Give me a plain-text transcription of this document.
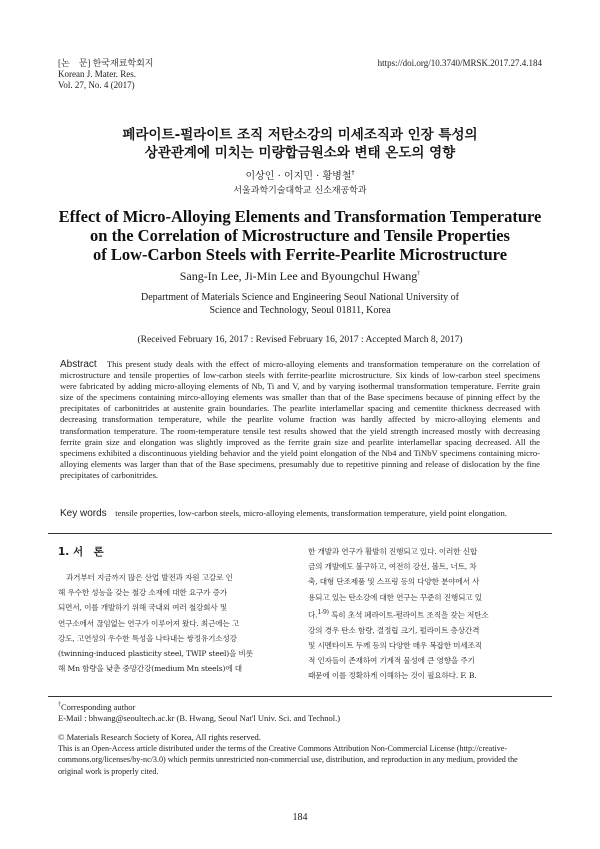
[논　문] 한국재료학회지
Korean J. Mater. Res.
Vol. 27, No. 4 (2017)
https://doi.org/10.3740/MRSK.2017.27.4.184
페라이트-펄라이트 조직 저탄소강의 미세조직과 인장 특성의
상관관계에 미치는 미량합금원소와 변태 온도의 영향
이상인 · 이지민 · 황병철†
서울과학기술대학교 신소재공학과
Effect of Micro-Alloying Elements and Transformation Temperature
on the Correlation of Microstructure and Tensile Properties
of Low-Carbon Steels with Ferrite-Pearlite Microstructure
Sang-In Lee, Ji-Min Lee and Byoungchul Hwang†
Department of Materials Science and Engineering Seoul National University of
Science and Technology, Seoul 01811, Korea
(Received February 16, 2017 : Revised February 16, 2017 : Accepted March 8, 2017)
Abstract This present study deals with the effect of micro-alloying elements and transformation temperature on the correlation of microstructure and tensile properties of low-carbon steels with ferrite-pearlite microstructure. Six kinds of low-carbon steel specimens were fabricated by adding micro-alloying elements of Nb, Ti and V, and by varying isothermal transformation temperature. Ferrite grain size of the specimens containing mirco-alloying elements was smaller than that of the Base specimens because of pinning effect by the precipitates of carbonitrides at austenite grain boundaries. The pearlite interlamellar spacing and cementite thickness decreased with decreasing transformation temperature, while the pearlite volume fraction was hardly affected by micro-alloying elements and transformation temperature. The room-temperature tensile test results showed that the yield strength increased mostly with decreasing ferrite grain size and elongation was slightly improved as the ferrite grain size and pearlite interlamellar spacing decreased. All the specimens exhibited a discontinuous yielding behavior and the yield point elongation of the Nb4 and TiNbV specimens containing micro-alloying elements was larger than that of the Base specimens, presumably due to repetitive pinning and release of dislocation by the fine precipitates of carbonitrides.
Key words tensile properties, low-carbon steels, micro-alloying elements, transformation temperature, yield point elongation.
1. 서　론
과거부터 지금까지 많은 산업 발전과 자원 고갈로 인
해 우수한 성능을 갖는 철강 소재에 대한 요구가 증가
되면서, 이를 개발하기 위해 국내외 여러 철강회사 및
연구소에서 끊임없는 연구가 이루어져 왔다. 최근에는 고
강도, 고연성의 우수한 특성을 나타내는 쌍정유기소성강
(twinning-induced plasticity steel, TWIP steel)을 비롯
해 Mn 함량을 낮춘 중망간강(medium Mn steels)에 대
한 개발과 연구가 활발히 진행되고 있다. 이러한 신합
금의 개발에도 불구하고, 여전히 강선, 볼트, 너트, 차
축, 대형 단조제품 및 스프링 등의 다양한 분야에서 사
용되고 있는 탄소강에 대한 연구는 꾸준히 진행되고 있
다.$^{1-9)}$ 특히 초석 페라이트-펄라이트 조직을 갖는 저탄소
강의 경우 탄소 함량, 결정립 크기, 펄라이트 층상간격
및 시멘타이트 두께 등의 다양한 매우 복잡한 미세조직
적 인자들이 존재하여 기계적 물성에 큰 영향을 주기
때문에 이를 정확하게 이해하는 것이 필요하다. F. B.
†Corresponding author
E-Mail : bhwang@seoultech.ac.kr (B. Hwang, Seoul Nat'l Univ. Sci. and Technol.)
© Materials Research Society of Korea, All rights reserved.
This is an Open-Access article distributed under the terms of the Creative Commons Attribution Non-Commercial License (http://creative-
commons.org/licenses/by-nc/3.0) which permits unrestricted non-commercial use, distribution, and reproduction in any medium, provided the
original work is properly cited.
184
